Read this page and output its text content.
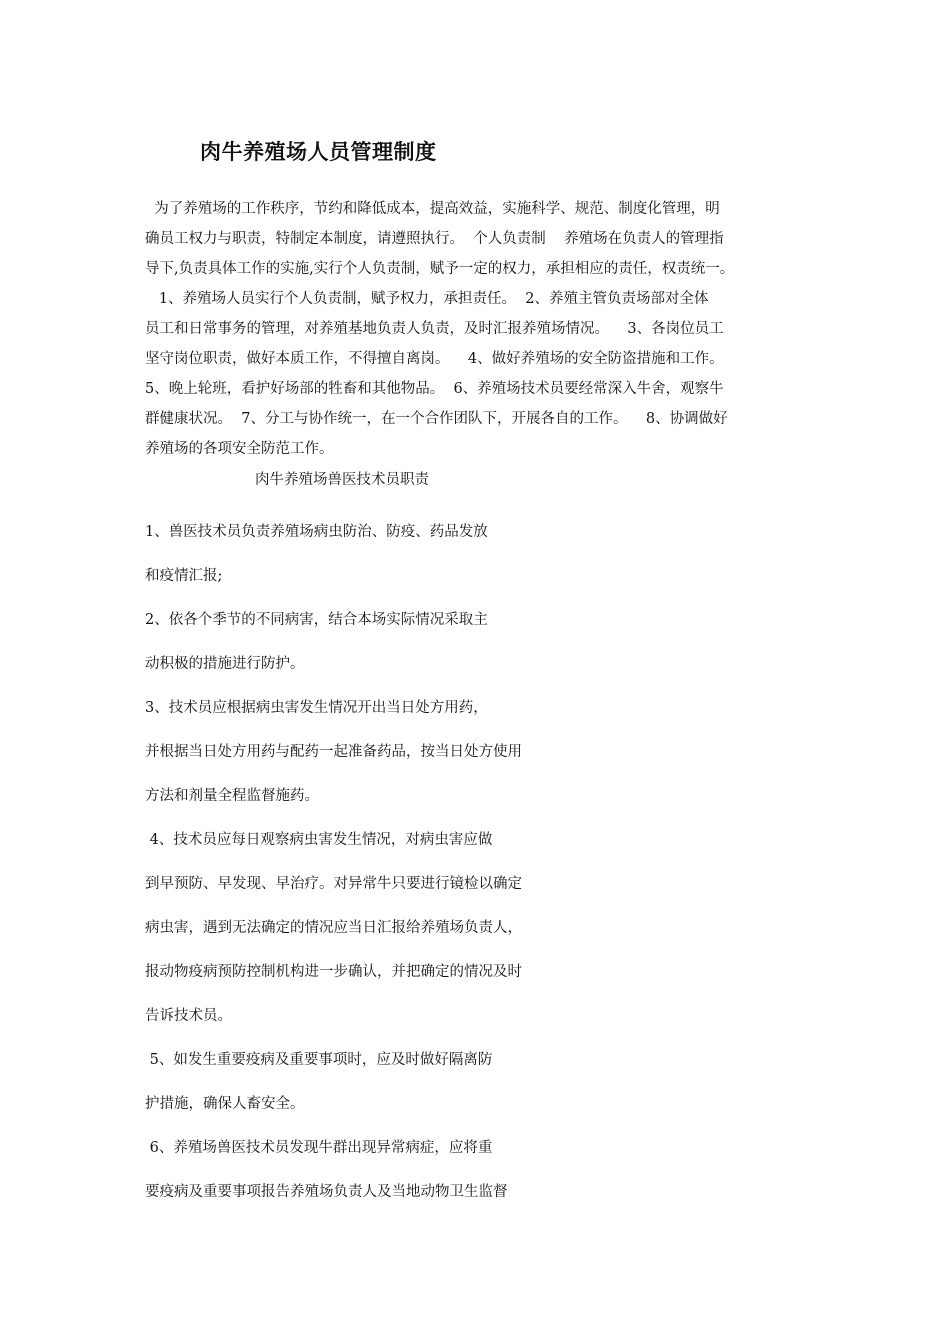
肉牛养殖场人员管理制度
为了养殖场的工作秩序，节约和降低成本，提高效益，实施科学、规范、制度化管理，明
确员工权力与职责，特制定本制度，请遵照执行。  个人负责制    养殖场在负责人的管理指
导下,负责具体工作的实施,实行个人负责制，赋予一定的权力，承担相应的责任，权责统一。
1、养殖场人员实行个人负责制，赋予权力，承担责任。  2、养殖主管负责场部对全体
员工和日常事务的管理，对养殖基地负责人负责，及时汇报养殖场情况。    3、各岗位员工
坚守岗位职责，做好本质工作，不得擅自离岗。    4、做好养殖场的安全防盗措施和工作。
5、晚上轮班，看护好场部的牲畜和其他物品。  6、养殖场技术员要经常深入牛舍，观察牛
群健康状况。  7、分工与协作统一，在一个合作团队下，开展各自的工作。    8、协调做好
养殖场的各项安全防范工作。
肉牛养殖场兽医技术员职责
1、兽医技术员负责养殖场病虫防治、防疫、药品发放
和疫情汇报;
2、依各个季节的不同病害，结合本场实际情况采取主
动积极的措施进行防护。
3、技术员应根据病虫害发生情况开出当日处方用药，
并根据当日处方用药与配药一起准备药品，按当日处方使用
方法和剂量全程监督施药。
4、技术员应每日观察病虫害发生情况，对病虫害应做
到早预防、早发现、早治疗。对异常牛只要进行镜检以确定
病虫害，遇到无法确定的情况应当日汇报给养殖场负责人，
报动物疫病预防控制机构进一步确认，并把确定的情况及时
告诉技术员。
5、如发生重要疫病及重要事项时，应及时做好隔离防
护措施，确保人畜安全。
6、养殖场兽医技术员发现牛群出现异常病症，应将重
要疫病及重要事项报告养殖场负责人及当地动物卫生监督
